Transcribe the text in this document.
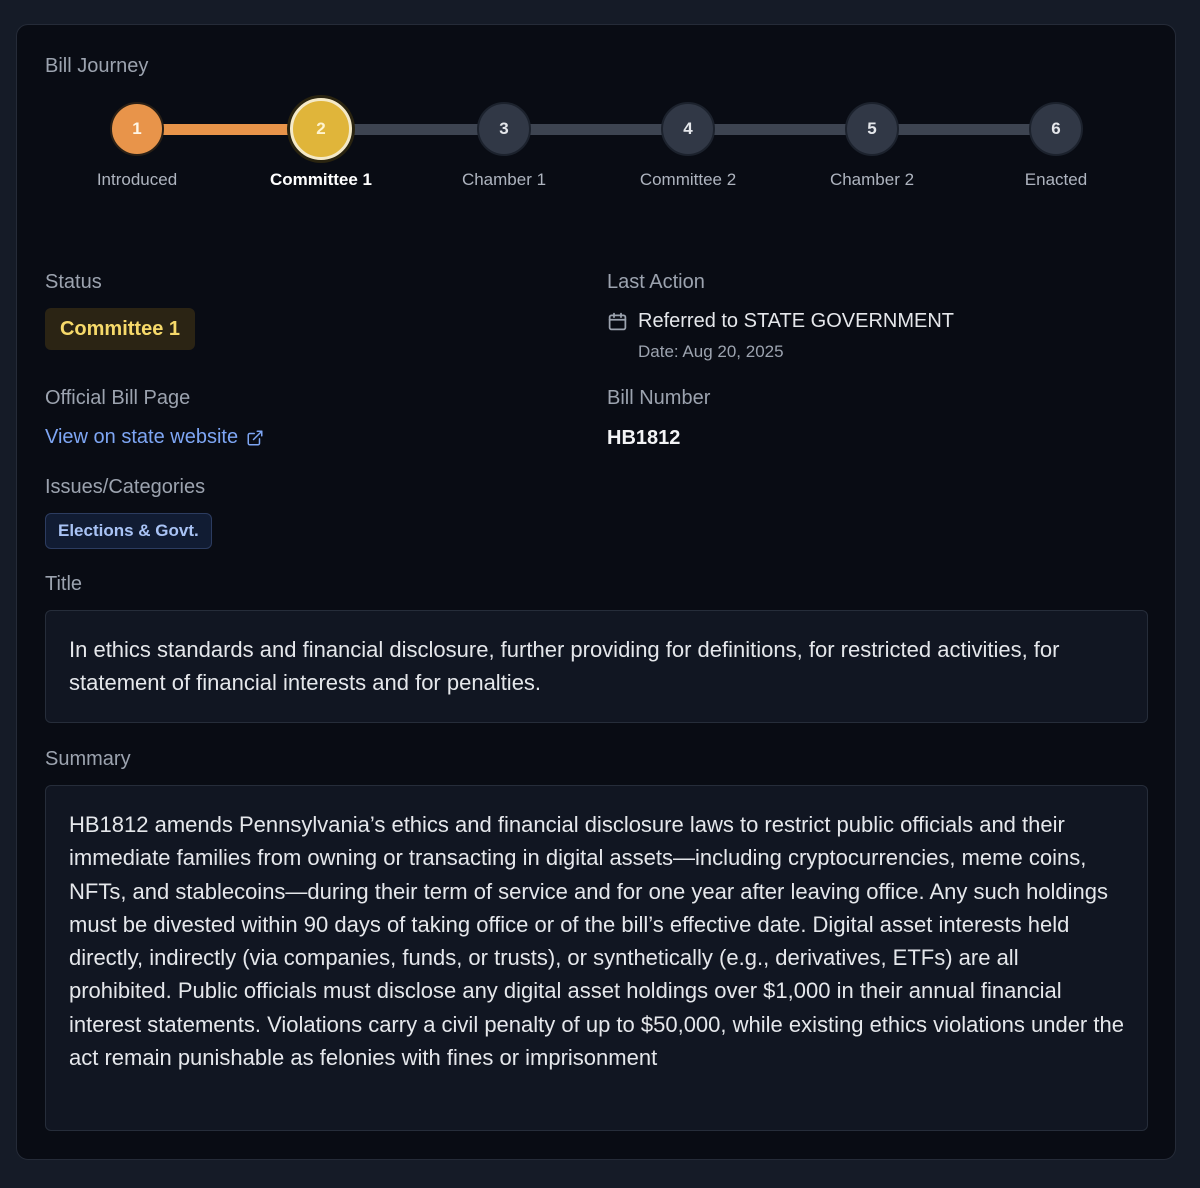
Bill Journey
1	2	3	4	5	6
Introduced	Committee 1	Chamber 1	Committee 2	Chamber 2	Enacted
Status
Committee 1
Last Action
Referred to STATE GOVERNMENT
Date: Aug 20, 2025
Official Bill Page
View on state website
Bill Number
HB1812
Issues/Categories
Elections & Govt.
Title
In ethics standards and financial disclosure, further providing for definitions, for restricted activities, for statement of financial interests and for penalties.
Summary
HB1812 amends Pennsylvania’s ethics and financial disclosure laws to restrict public officials and their immediate families from owning or transacting in digital assets—including cryptocurrencies, meme coins, NFTs, and stablecoins—during their term of service and for one year after leaving office. Any such holdings must be divested within 90 days of taking office or of the bill’s effective date. Digital asset interests held directly, indirectly (via companies, funds, or trusts), or synthetically (e.g., derivatives, ETFs) are all prohibited. Public officials must disclose any digital asset holdings over $1,000 in their annual financial interest statements. Violations carry a civil penalty of up to $50,000, while existing ethics violations under the act remain punishable as felonies with fines or imprisonment
